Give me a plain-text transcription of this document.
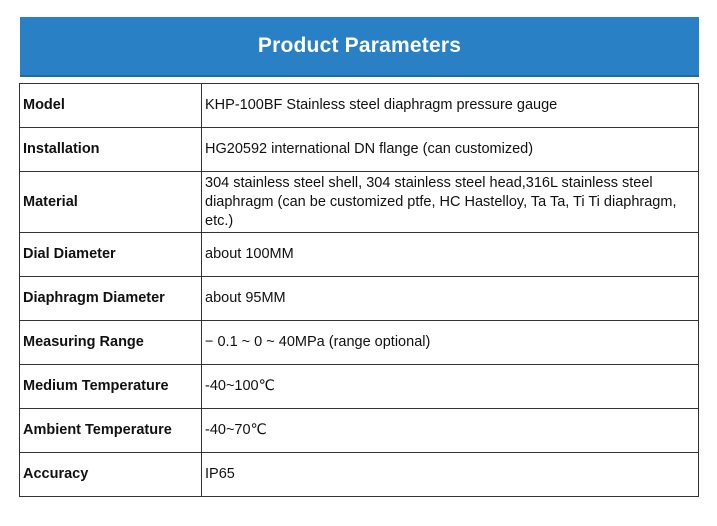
Product Parameters
Model	KHP-100BF Stainless steel diaphragm pressure gauge
Installation	HG20592 international DN flange (can customized)
Material	304 stainless steel shell, 304 stainless steel head,316L stainless steel diaphragm (can be customized ptfe, HC Hastelloy, Ta Ta, Ti Ti diaphragm, etc.)
Dial Diameter	about 100MM
Diaphragm Diameter	about 95MM
Measuring Range	− 0.1 ~ 0 ~ 40MPa (range optional)
Medium Temperature	-40~100℃
Ambient Temperature	-40~70℃
Accuracy	IP65
